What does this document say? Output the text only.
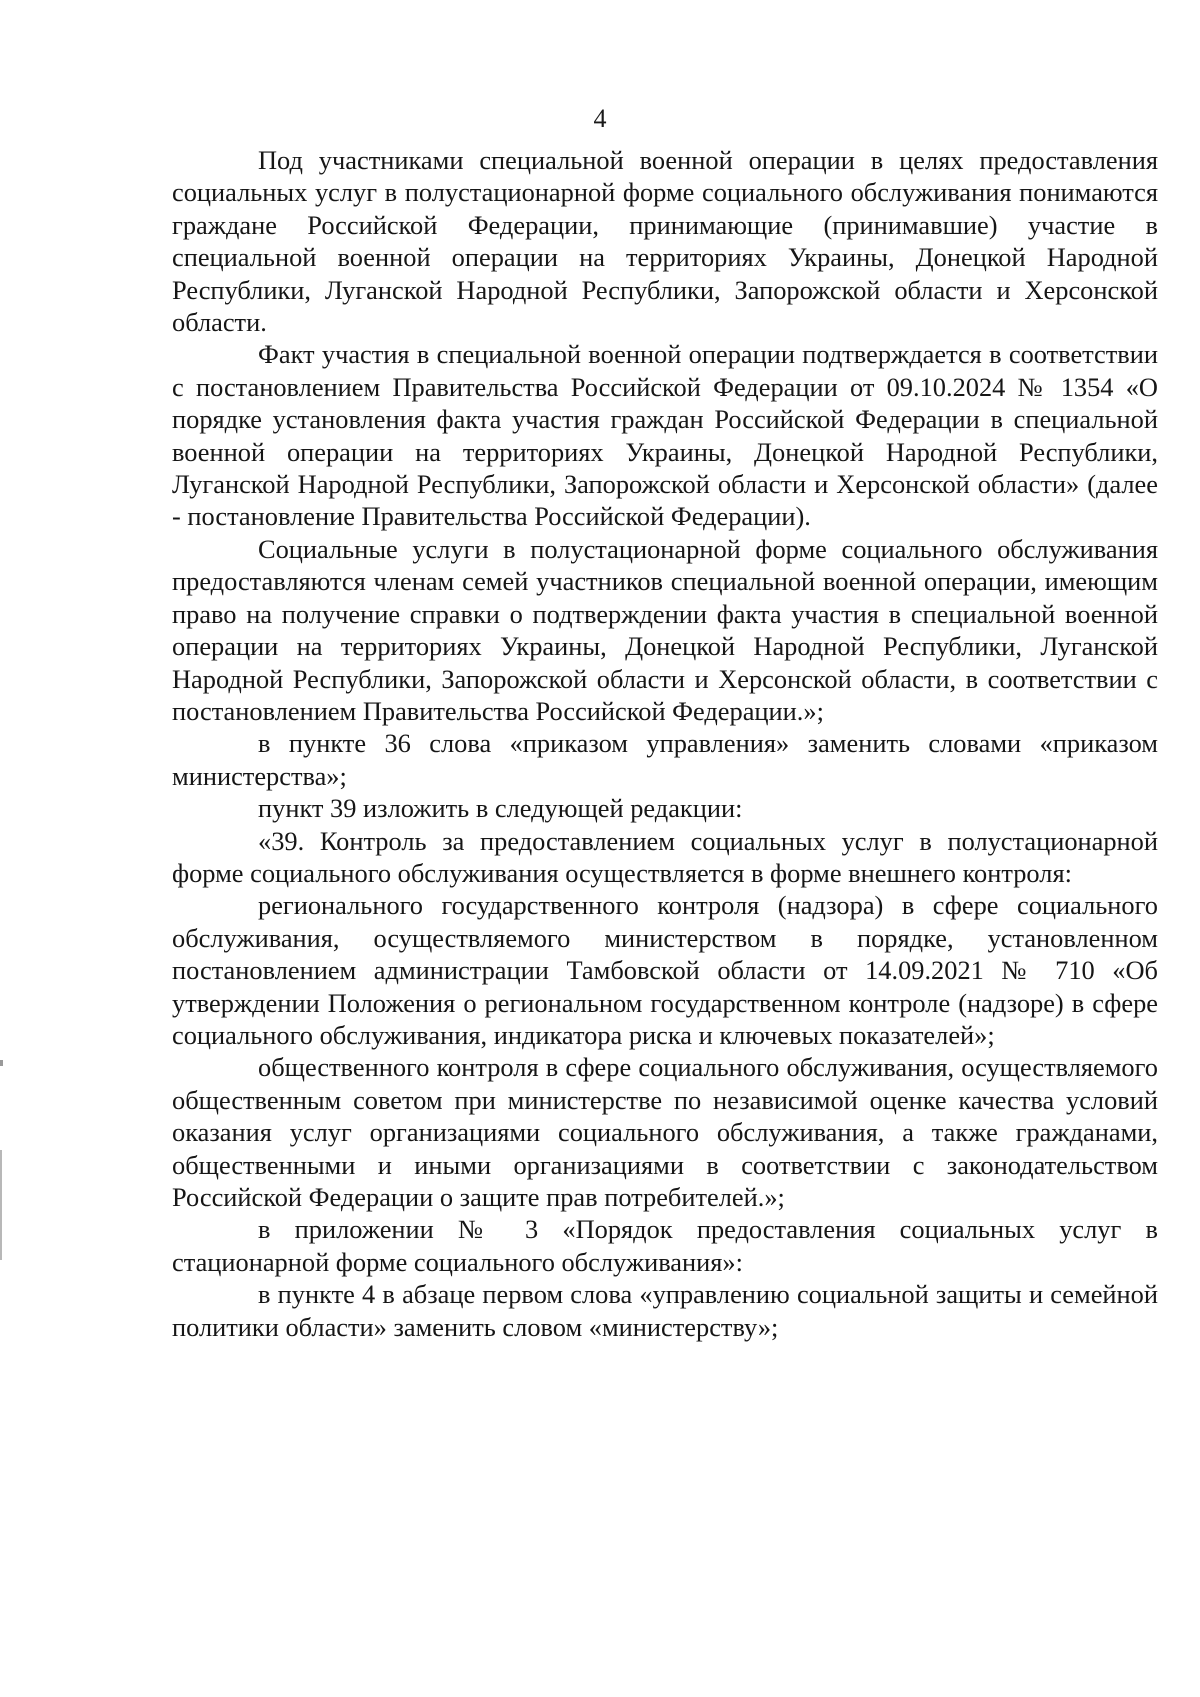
4

Под участниками специальной военной операции в целях предоставления социальных услуг в полустационарной форме социального обслуживания понимаются граждане Российской Федерации, принимающие (принимавшие) участие в специальной военной операции на территориях Украины, Донецкой Народной Республики, Луганской Народной Республики, Запорожской области и Херсонской области.

Факт участия в специальной военной операции подтверждается в соответствии с постановлением Правительства Российской Федерации от 09.10.2024 № 1354 «О порядке установления факта участия граждан Российской Федерации в специальной военной операции на территориях Украины, Донецкой Народной Республики, Луганской Народной Республики, Запорожской области и Херсонской области» (далее - постановление Правительства Российской Федерации).

Социальные услуги в полустационарной форме социального обслуживания предоставляются членам семей участников специальной военной операции, имеющим право на получение справки о подтверждении факта участия в специальной военной операции на территориях Украины, Донецкой Народной Республики, Луганской Народной Республики, Запорожской области и Херсонской области, в соответствии с постановлением Правительства Российской Федерации.»;

в пункте 36 слова «приказом управления» заменить словами «приказом министерства»;

пункт 39 изложить в следующей редакции:

«39. Контроль за предоставлением социальных услуг в полустационарной форме социального обслуживания осуществляется в форме внешнего контроля:

регионального государственного контроля (надзора) в сфере социального обслуживания, осуществляемого министерством в порядке, установленном постановлением администрации Тамбовской области от 14.09.2021 № 710 «Об утверждении Положения о региональном государственном контроле (надзоре) в сфере социального обслуживания, индикатора риска и ключевых показателей»;

общественного контроля в сфере социального обслуживания, осуществляемого общественным советом при министерстве по независимой оценке качества условий оказания услуг организациями социального обслуживания, а также гражданами, общественными и иными организациями в соответствии с законодательством Российской Федерации о защите прав потребителей.»;

в приложении № 3 «Порядок предоставления социальных услуг в стационарной форме социального обслуживания»:

в пункте 4 в абзаце первом слова «управлению социальной защиты и семейной политики области» заменить словом «министерству»;
